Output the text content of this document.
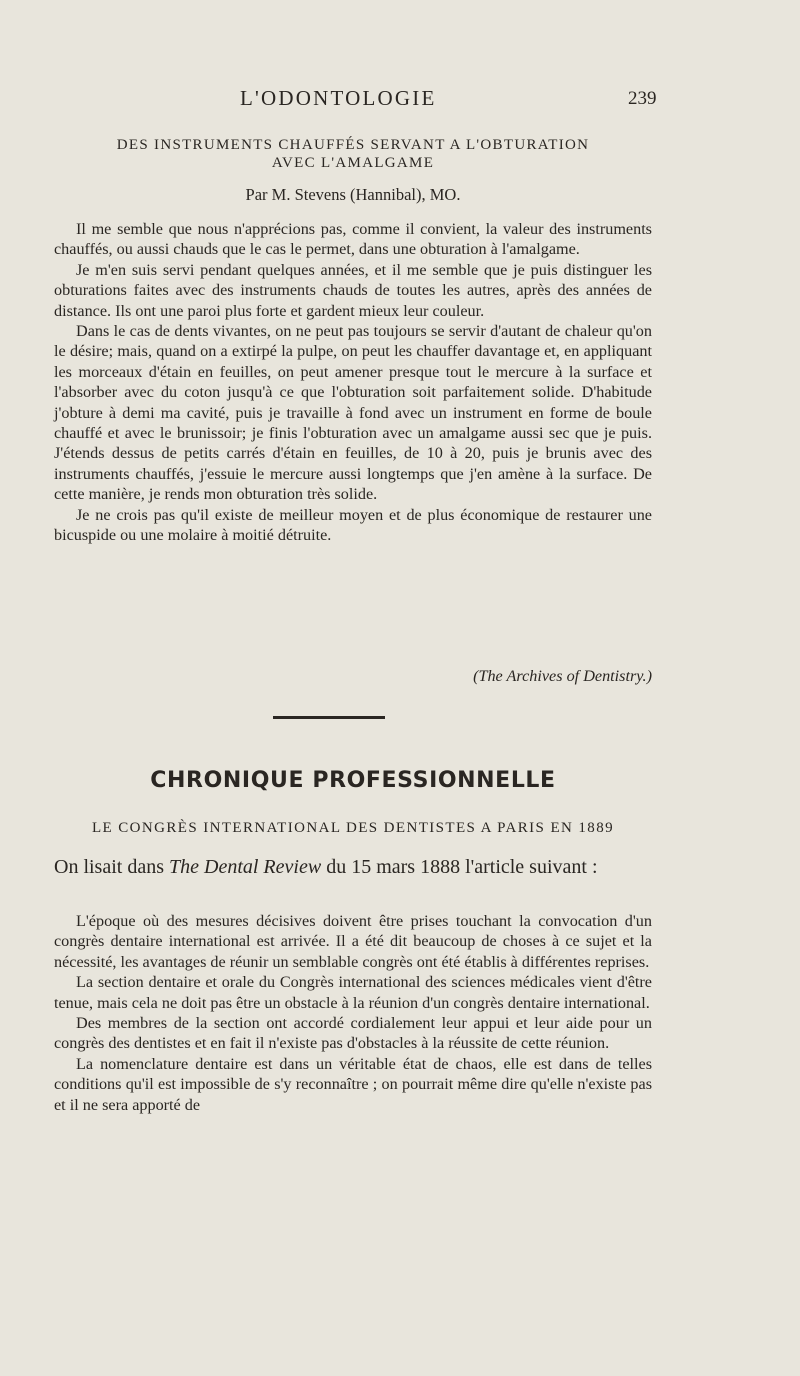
L'ODONTOLOGIE	239
DES INSTRUMENTS CHAUFFÉS SERVANT A L'OBTURATION
AVEC L'AMALGAME
Par M. Stevens (Hannibal), MO.

Il me semble que nous n'apprécions pas, comme il convient, la valeur des instruments chauffés, ou aussi chauds que le cas le permet, dans une obturation à l'amalgame.

Je m'en suis servi pendant quelques années, et il me semble que je puis distinguer les obturations faites avec des instruments chauds de toutes les autres, après des années de distance. Ils ont une paroi plus forte et gardent mieux leur couleur.

Dans le cas de dents vivantes, on ne peut pas toujours se servir d'autant de chaleur qu'on le désire; mais, quand on a extirpé la pulpe, on peut les chauffer davantage et, en appliquant les morceaux d'étain en feuilles, on peut amener presque tout le mercure à la surface et l'absorber avec du coton jusqu'à ce que l'obturation soit parfaitement solide. D'habitude j'obture à demi ma cavité, puis je travaille à fond avec un instrument en forme de boule chauffé et avec le brunissoir; je finis l'obturation avec un amalgame aussi sec que je puis. J'étends dessus de petits carrés d'étain en feuilles, de 10 à 20, puis je brunis avec des instruments chauffés, j'essuie le mercure aussi longtemps que j'en amène à la surface. De cette manière, je rends mon obturation très solide.

Je ne crois pas qu'il existe de meilleur moyen et de plus économique de restaurer une bicuspide ou une molaire à moitié détruite.

(The Archives of Dentistry.)
CHRONIQUE PROFESSIONNELLE
LE CONGRÈS INTERNATIONAL DES DENTISTES A PARIS EN 1889
On lisait dans The Dental Review du 15 mars 1888 l'article suivant :

L'époque où des mesures décisives doivent être prises touchant la convocation d'un congrès dentaire international est arrivée. Il a été dit beaucoup de choses à ce sujet et la nécessité, les avantages de réunir un semblable congrès ont été établis à différentes reprises.

La section dentaire et orale du Congrès international des sciences médicales vient d'être tenue, mais cela ne doit pas être un obstacle à la réunion d'un congrès dentaire international.

Des membres de la section ont accordé cordialement leur appui et leur aide pour un congrès des dentistes et en fait il n'existe pas d'obstacles à la réussite de cette réunion.

La nomenclature dentaire est dans un véritable état de chaos, elle est dans de telles conditions qu'il est impossible de s'y reconnaître ; on pourrait même dire qu'elle n'existe pas et il ne sera apporté de
